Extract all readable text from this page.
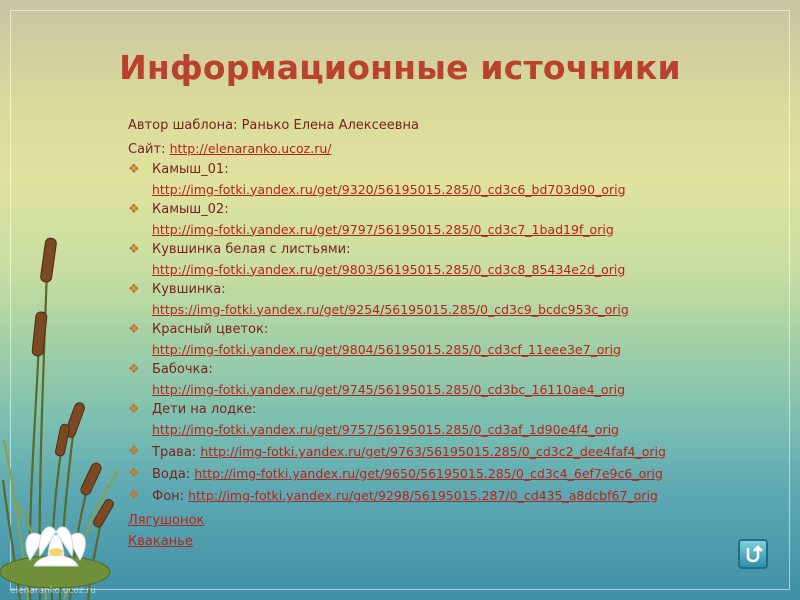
Информационные источники
Автор шаблона: Ранько Елена Алексеевна
Сайт: http://elenaranko.ucoz.ru/
❖ Камыш_01:
http://img-fotki.yandex.ru/get/9320/56195015.285/0_cd3c6_bd703d90_orig
❖ Камыш_02:
http://img-fotki.yandex.ru/get/9797/56195015.285/0_cd3c7_1bad19f_orig
❖ Кувшинка белая с листьями:
http://img-fotki.yandex.ru/get/9803/56195015.285/0_cd3c8_85434e2d_orig
❖ Кувшинка:
https://img-fotki.yandex.ru/get/9254/56195015.285/0_cd3c9_bcdc953c_orig
❖ Красный цветок:
http://img-fotki.yandex.ru/get/9804/56195015.285/0_cd3cf_11eee3e7_orig
❖ Бабочка:
http://img-fotki.yandex.ru/get/9745/56195015.285/0_cd3bc_16110ae4_orig
❖ Дети на лодке:
http://img-fotki.yandex.ru/get/9757/56195015.285/0_cd3af_1d90e4f4_orig
❖ Трава: http://img-fotki.yandex.ru/get/9763/56195015.285/0_cd3c2_dee4faf4_orig
❖ Вода: http://img-fotki.yandex.ru/get/9650/56195015.285/0_cd3c4_6ef7e9c6_orig
❖ Фон: http://img-fotki.yandex.ru/get/9298/56195015.287/0_cd435_a8dcbf67_orig
Лягушонок
Кваканье
elenaranko.ucoz.ru
